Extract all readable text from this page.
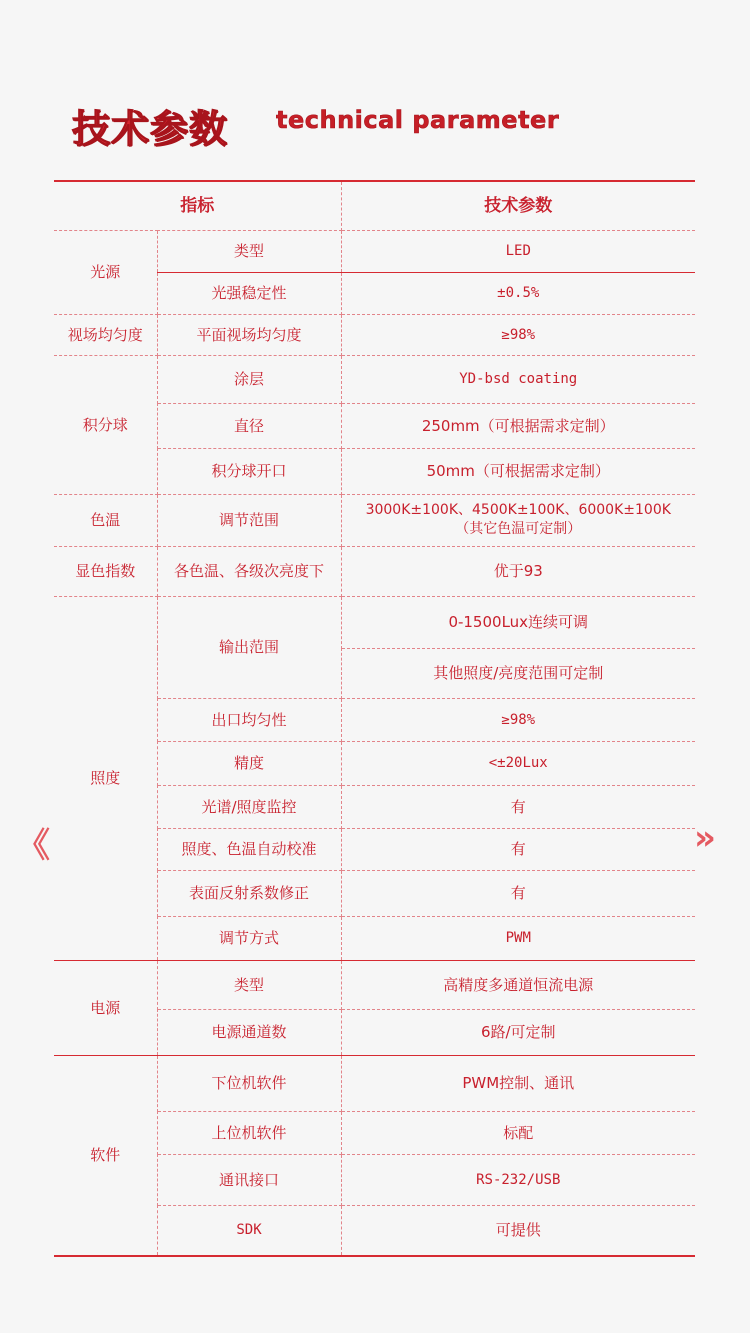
技术参数 technical parameter
指标		技术参数
光源	类型	LED
	光强稳定性	±0.5%
视场均匀度	平面视场均匀度	≥98%
积分球	涂层	YD-bsd coating
	直径	250mm（可根据需求定制）
	积分球开口	50mm（可根据需求定制）
色温	调节范围	3000K±100K、4500K±100K、6000K±100K
（其它色温可定制）

显色指数	各色温、各级次亮度下	优于93
照度	输出范围	0-1500Lux连续可调
		其他照度/亮度范围可定制
	出口均匀性	≥98%
	精度	<±20Lux
	光谱/照度监控	有
	照度、色温自动校准	有
	表面反射系数修正	有
	调节方式	PWM
电源	类型	高精度多通道恒流电源
	电源通道数	6路/可定制
软件	下位机软件	PWM控制、通讯
	上位机软件	标配
	通讯接口	RS-232/USB
	SDK	可提供
《	»
